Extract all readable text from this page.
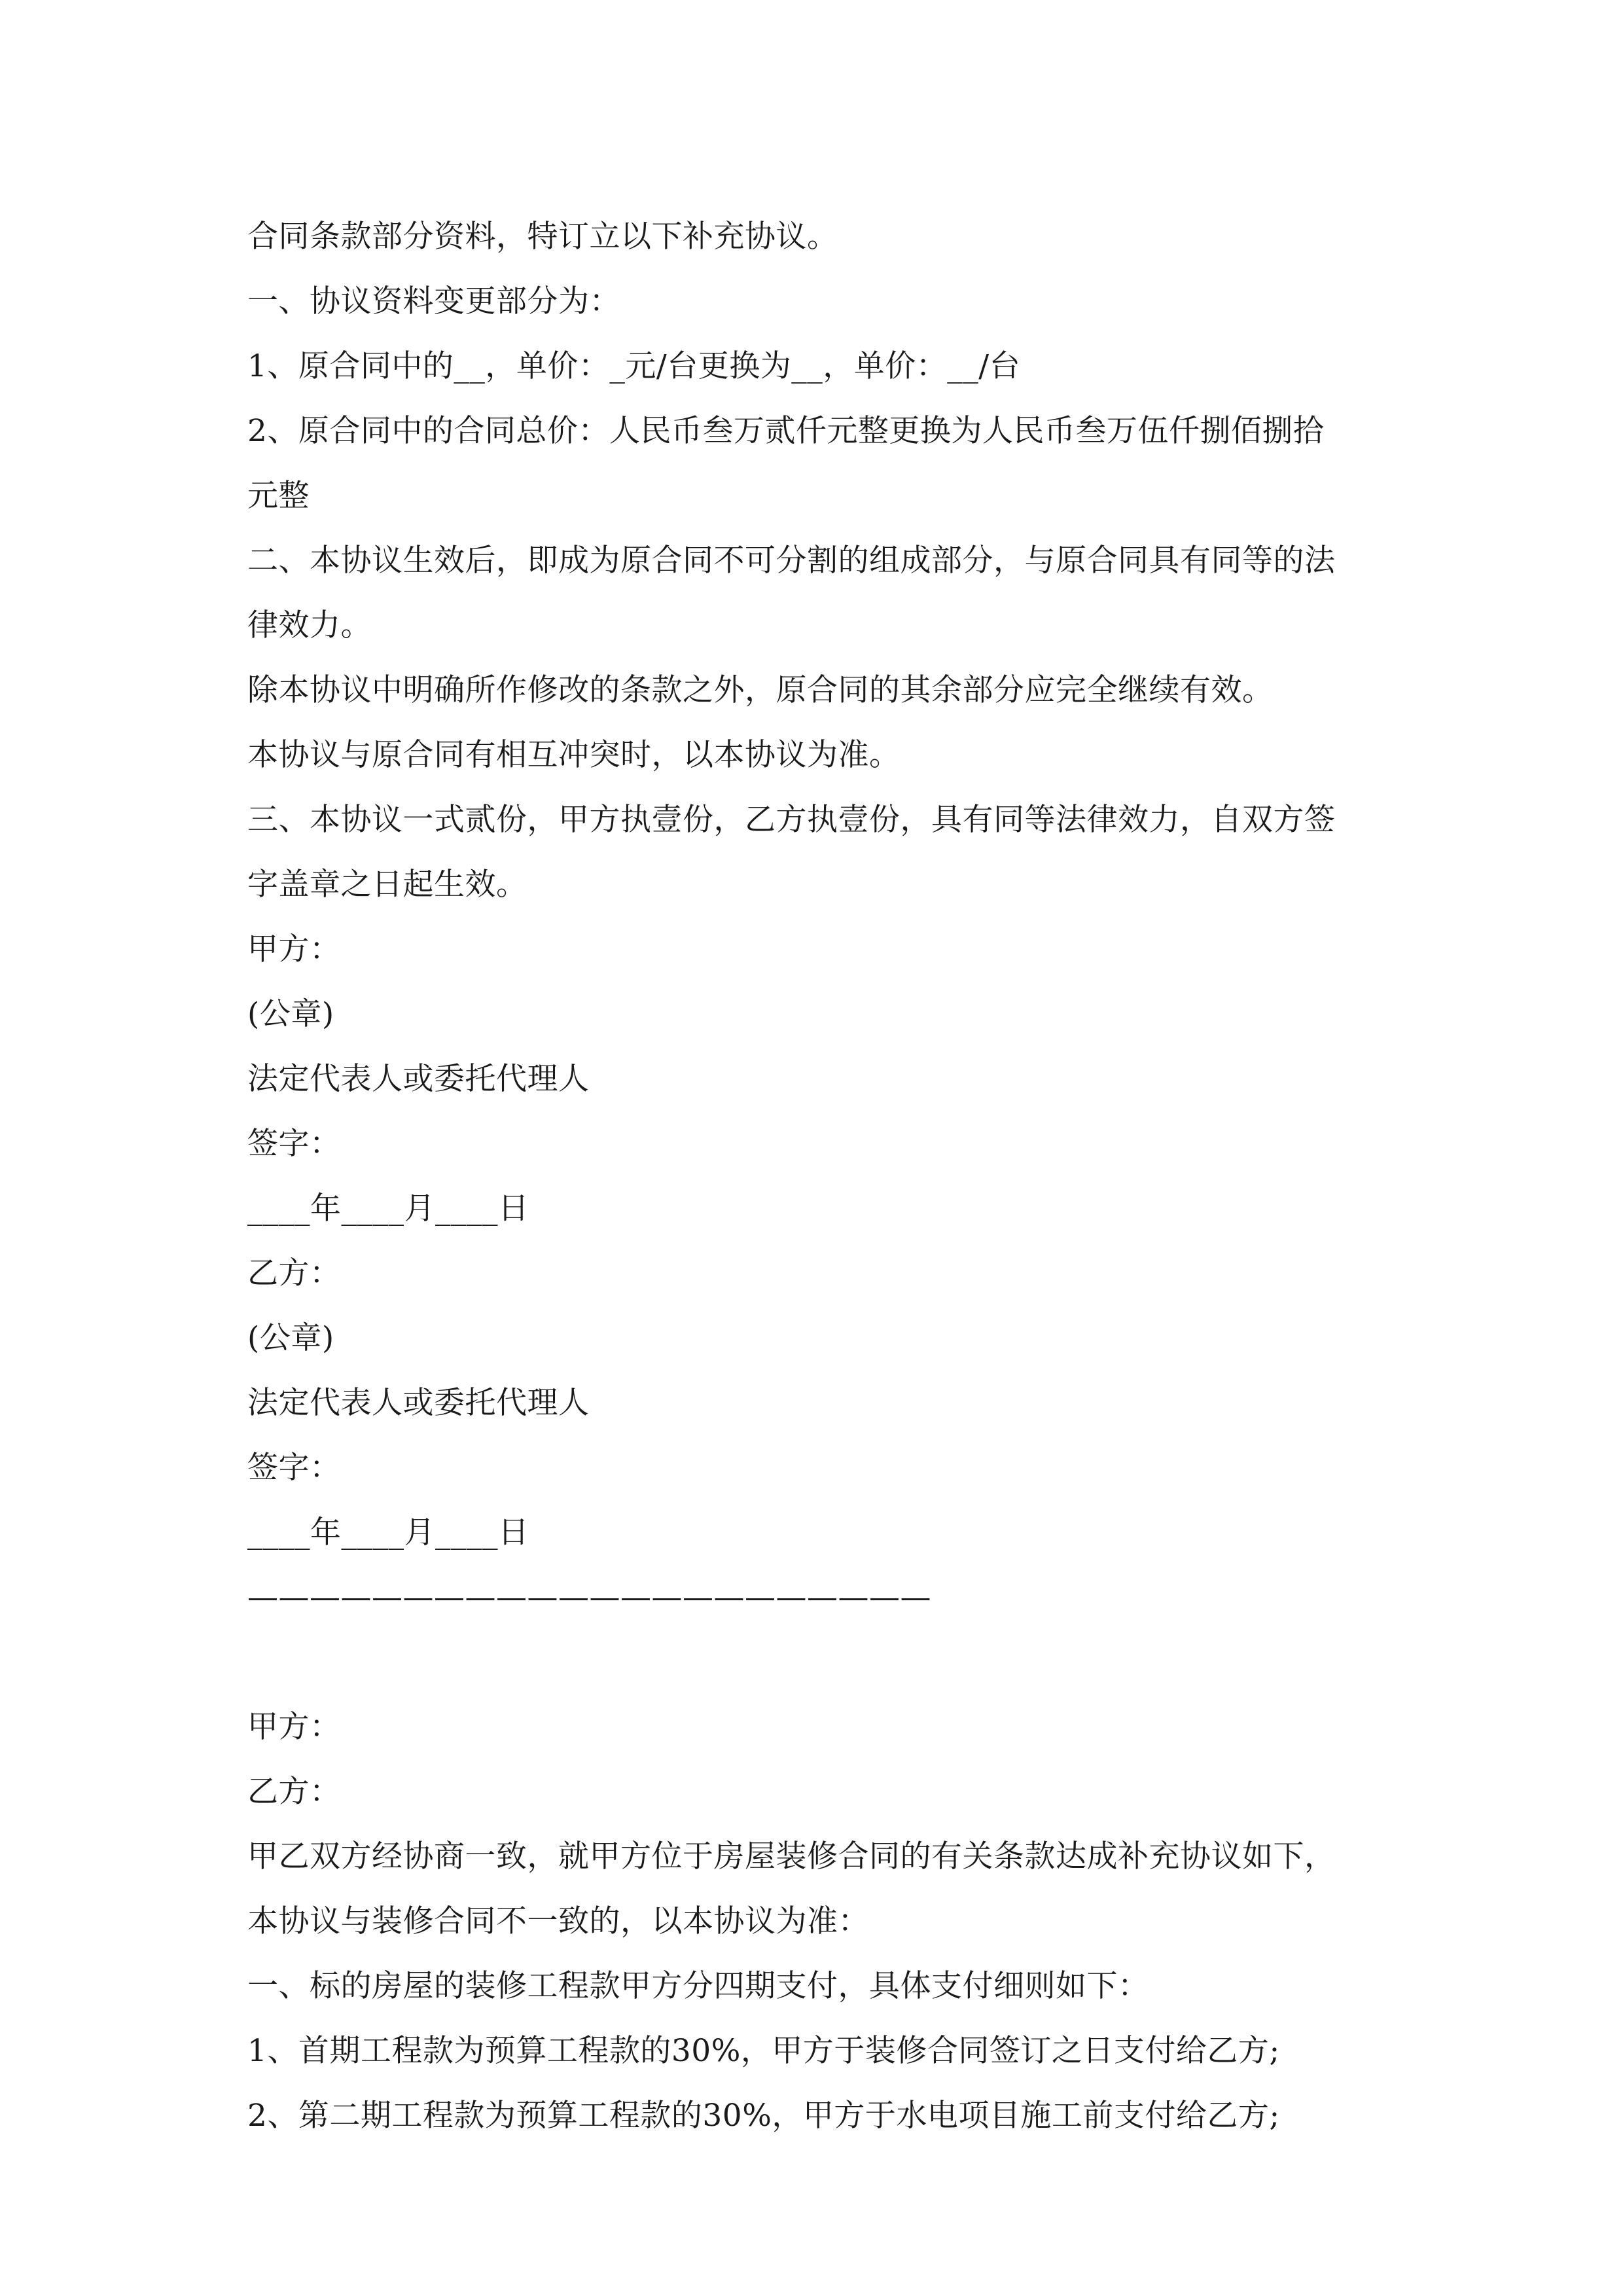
合同条款部分资料，特订立以下补充协议。
一、协议资料变更部分为：
1、原合同中的__，单价：_元/台更换为__，单价：__/台
2、原合同中的合同总价：人民币叁万贰仟元整更换为人民币叁万伍仟捌佰捌拾
元整
二、本协议生效后，即成为原合同不可分割的组成部分，与原合同具有同等的法
律效力。
除本协议中明确所作修改的条款之外，原合同的其余部分应完全继续有效。
本协议与原合同有相互冲突时，以本协议为准。
三、本协议一式贰份，甲方执壹份，乙方执壹份，具有同等法律效力，自双方签
字盖章之日起生效。
甲方：
(公章)
法定代表人或委托代理人
签字：
____年____月____日
乙方：
(公章)
法定代表人或委托代理人
签字：
____年____月____日
——————————————————————
甲方：
乙方：
甲乙双方经协商一致，就甲方位于房屋装修合同的有关条款达成补充协议如下，
本协议与装修合同不一致的，以本协议为准：
一、标的房屋的装修工程款甲方分四期支付，具体支付细则如下：
1、首期工程款为预算工程款的30%，甲方于装修合同签订之日支付给乙方;
2、第二期工程款为预算工程款的30%，甲方于水电项目施工前支付给乙方;
